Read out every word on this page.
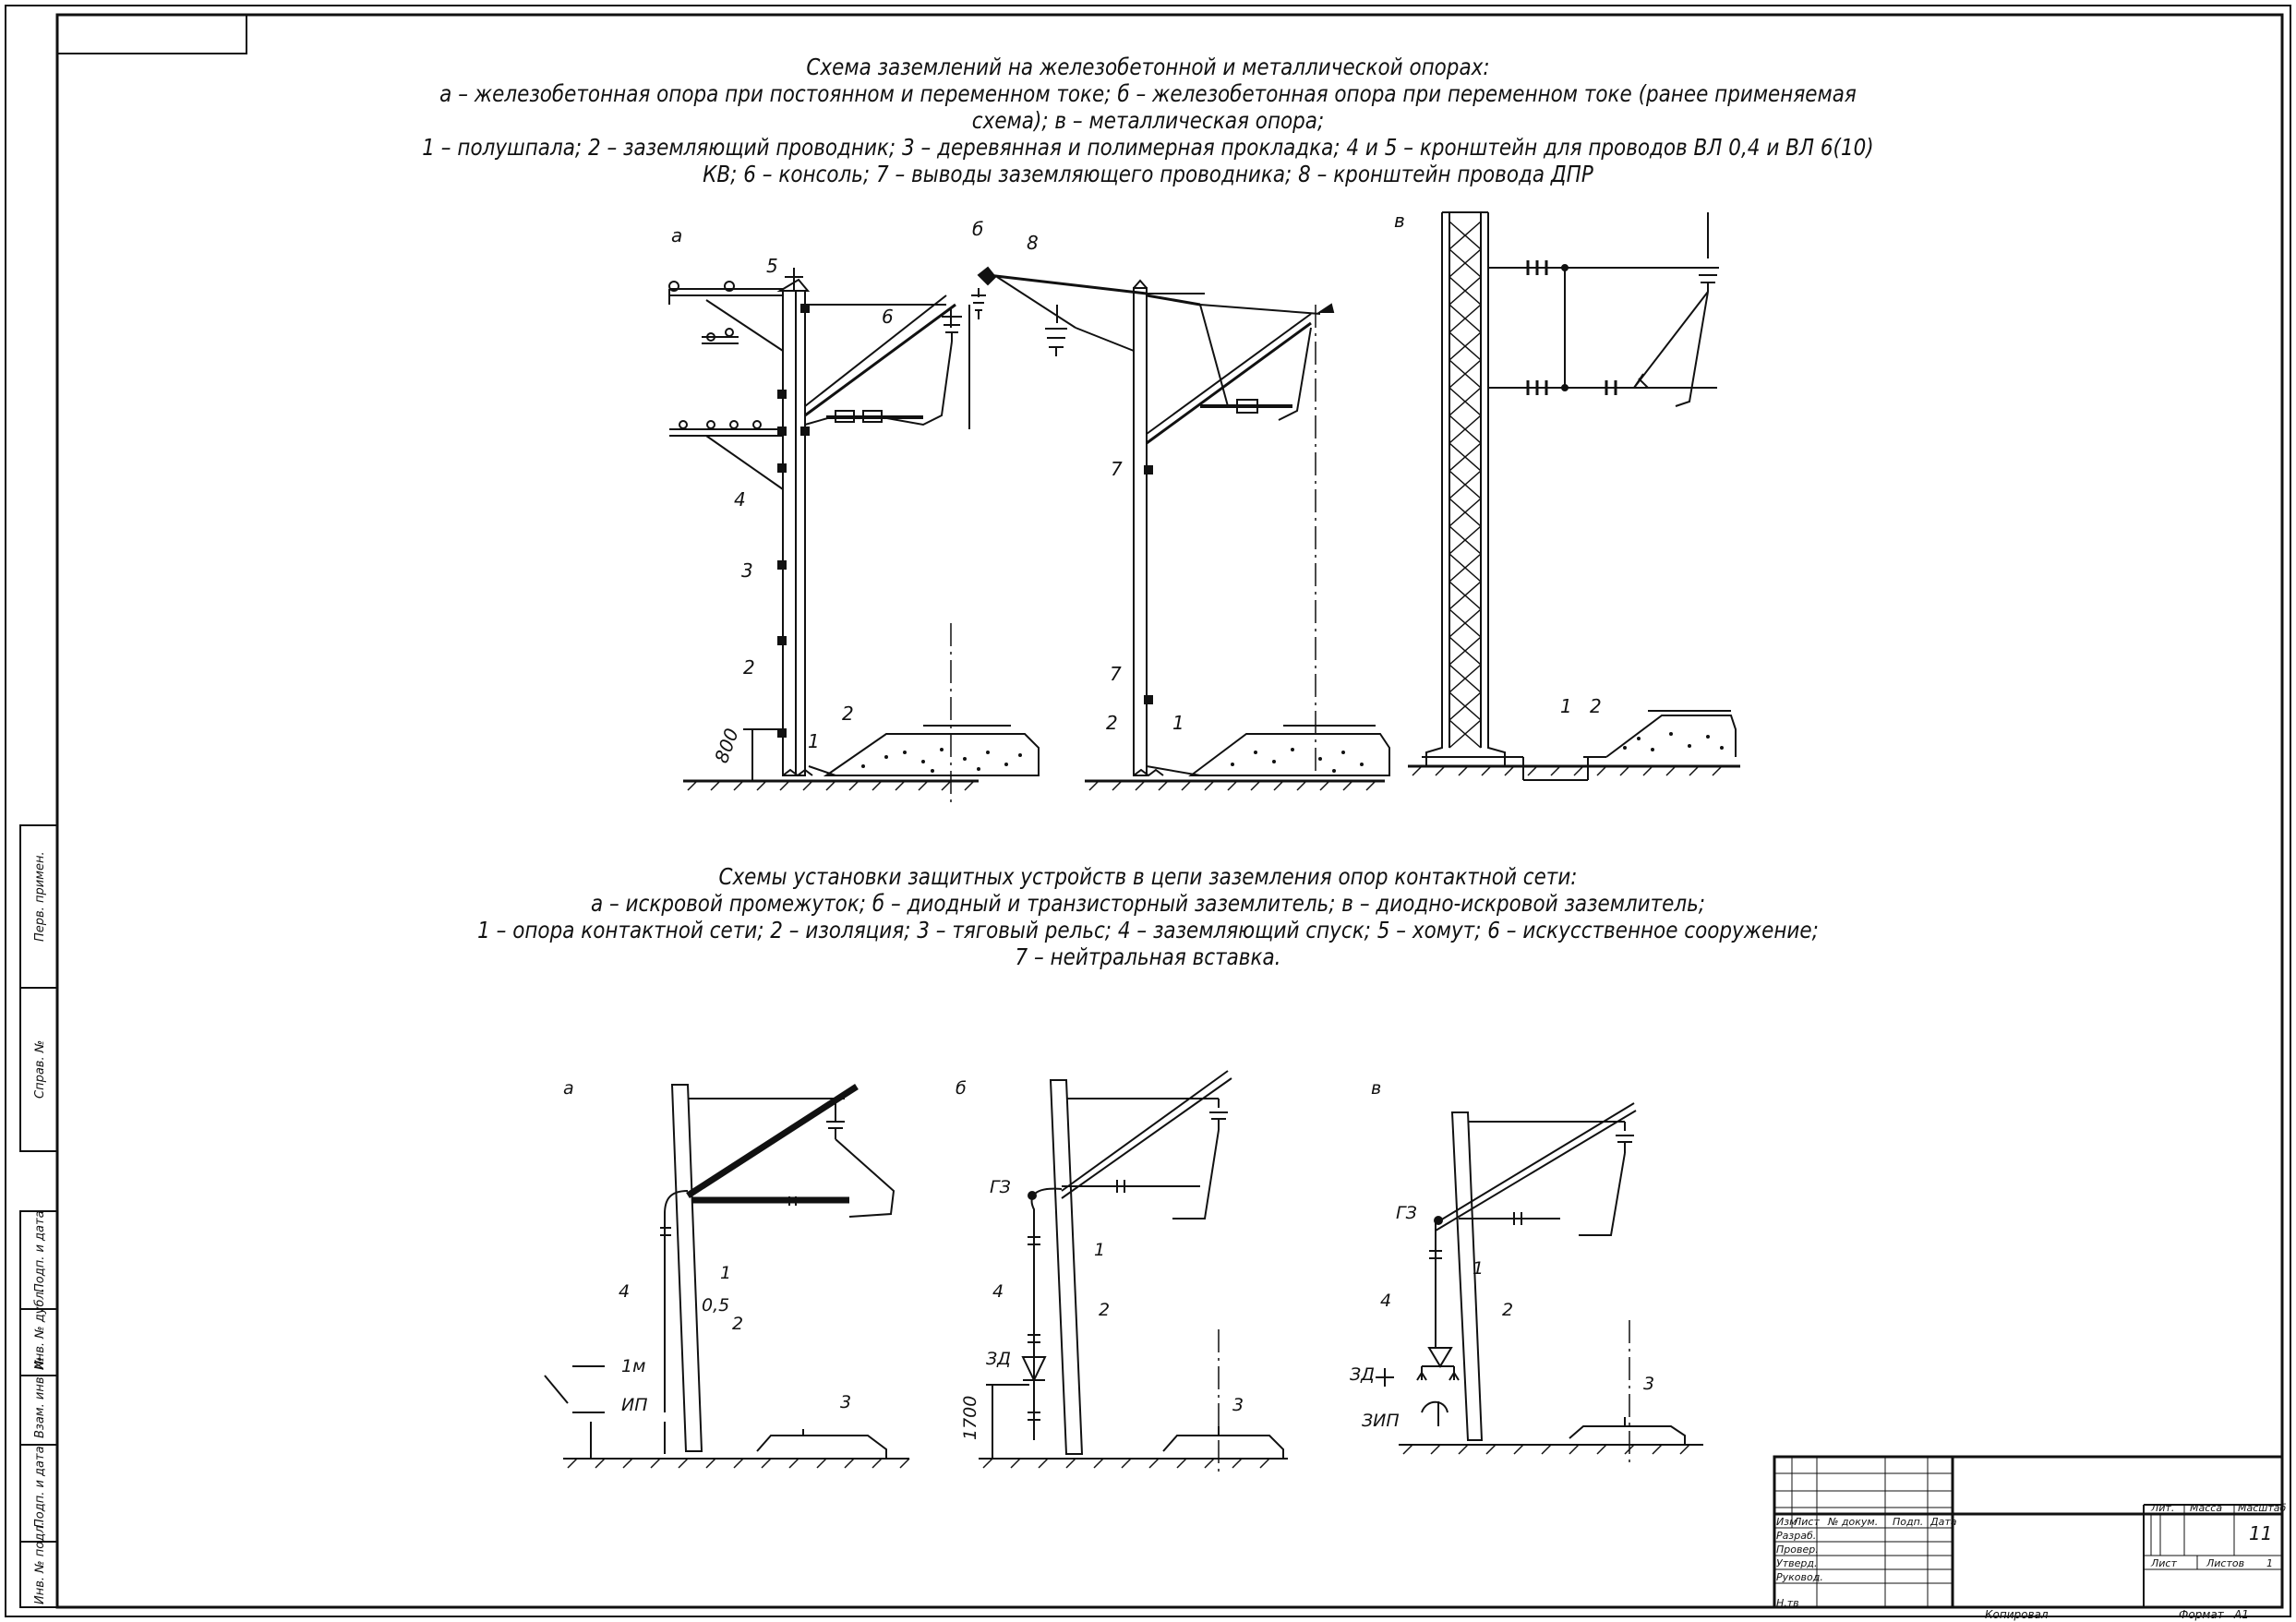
Схема заземлений на железобетонной и металлической опорах:
а – железобетонная опора при постоянном и переменном токе; б – железобетонная опора при переменном токе (ранее применяемая
схема); в – металлическая опора;
1 – полушпала; 2 – заземляющий проводник; 3 – деревянная и полимерная прокладка; 4 и 5 – кронштейн для проводов ВЛ 0,4 и ВЛ 6(10)
КВ; 6 – консоль; 7 – выводы заземляющего проводника; 8 – кронштейн провода ДПР
Схемы установки защитных устройств в цепи заземления опор контактной сети:
а – искровой промежуток; б – диодный и транзисторный заземлитель; в – диодно-искровой заземлитель;
1 – опора контактной сети; 2 – изоляция; 3 – тяговый рельс; 4 – заземляющий спуск; 5 – хомут; 6 – искусственное сооружение;
7 – нейтральная вставка.
Перв. примен.
Справ. №
Подп. и дата
Инв. № дубл.
Взам. инв. №
Подп. и дата
Инв. № подл.
а	б	в
5
6
4
3
2
1
2
800
8
7
7
2	1
1 2
а	б	в
4
1
0,5
2
1м
ИП	3
ГЗ
4
1
2
ЗД
1700	3
ГЗ
4
1
2
ЗД
ЗИП
3
Изм
Лист № докум. Подп. Дата
Разраб.
Провер.
Утверд.
Руковод.
Н.тв
Лит. Масса Масштаб
11
Лист	Листов 1
Копировал	Формат А1
